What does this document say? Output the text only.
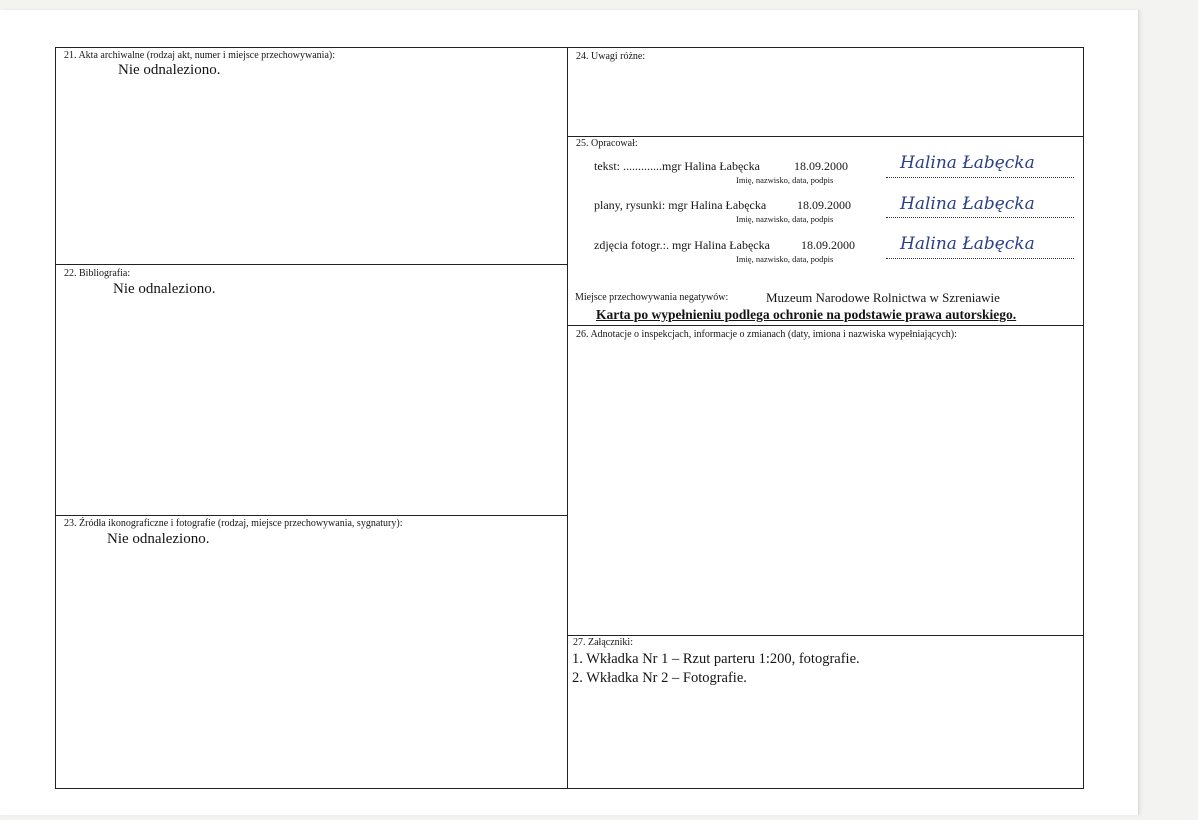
21. Akta archiwalne (rodzaj akt, numer i miejsce przechowywania):
Nie odnaleziono.
22. Bibliografia:
Nie odnaleziono.
23. Źródła ikonograficzne i fotografie (rodzaj, miejsce przechowywania, sygnatury):
Nie odnaleziono.
24. Uwagi różne:
25. Opracował:
tekst: .............mgr Halina Łabęcka	18.09.2000
Imię, nazwisko, data, podpis
Halina Łabęcka
plany, rysunki: mgr Halina Łabęcka	18.09.2000
Imię, nazwisko, data, podpis
Halina Łabęcka
zdjęcia fotogr.:. mgr Halina Łabęcka	18.09.2000
Imię, nazwisko, data, podpis
Halina Łabęcka
Miejsce przechowywania negatywów:	Muzeum Narodowe Rolnictwa w Szreniawie
Karta po wypełnieniu podlega ochronie na podstawie prawa autorskiego.
26. Adnotacje o inspekcjach, informacje o zmianach (daty, imiona i nazwiska wypełniających):
27. Załączniki:
1. Wkładka Nr 1 – Rzut parteru 1:200, fotografie.
2. Wkładka Nr 2 – Fotografie.
